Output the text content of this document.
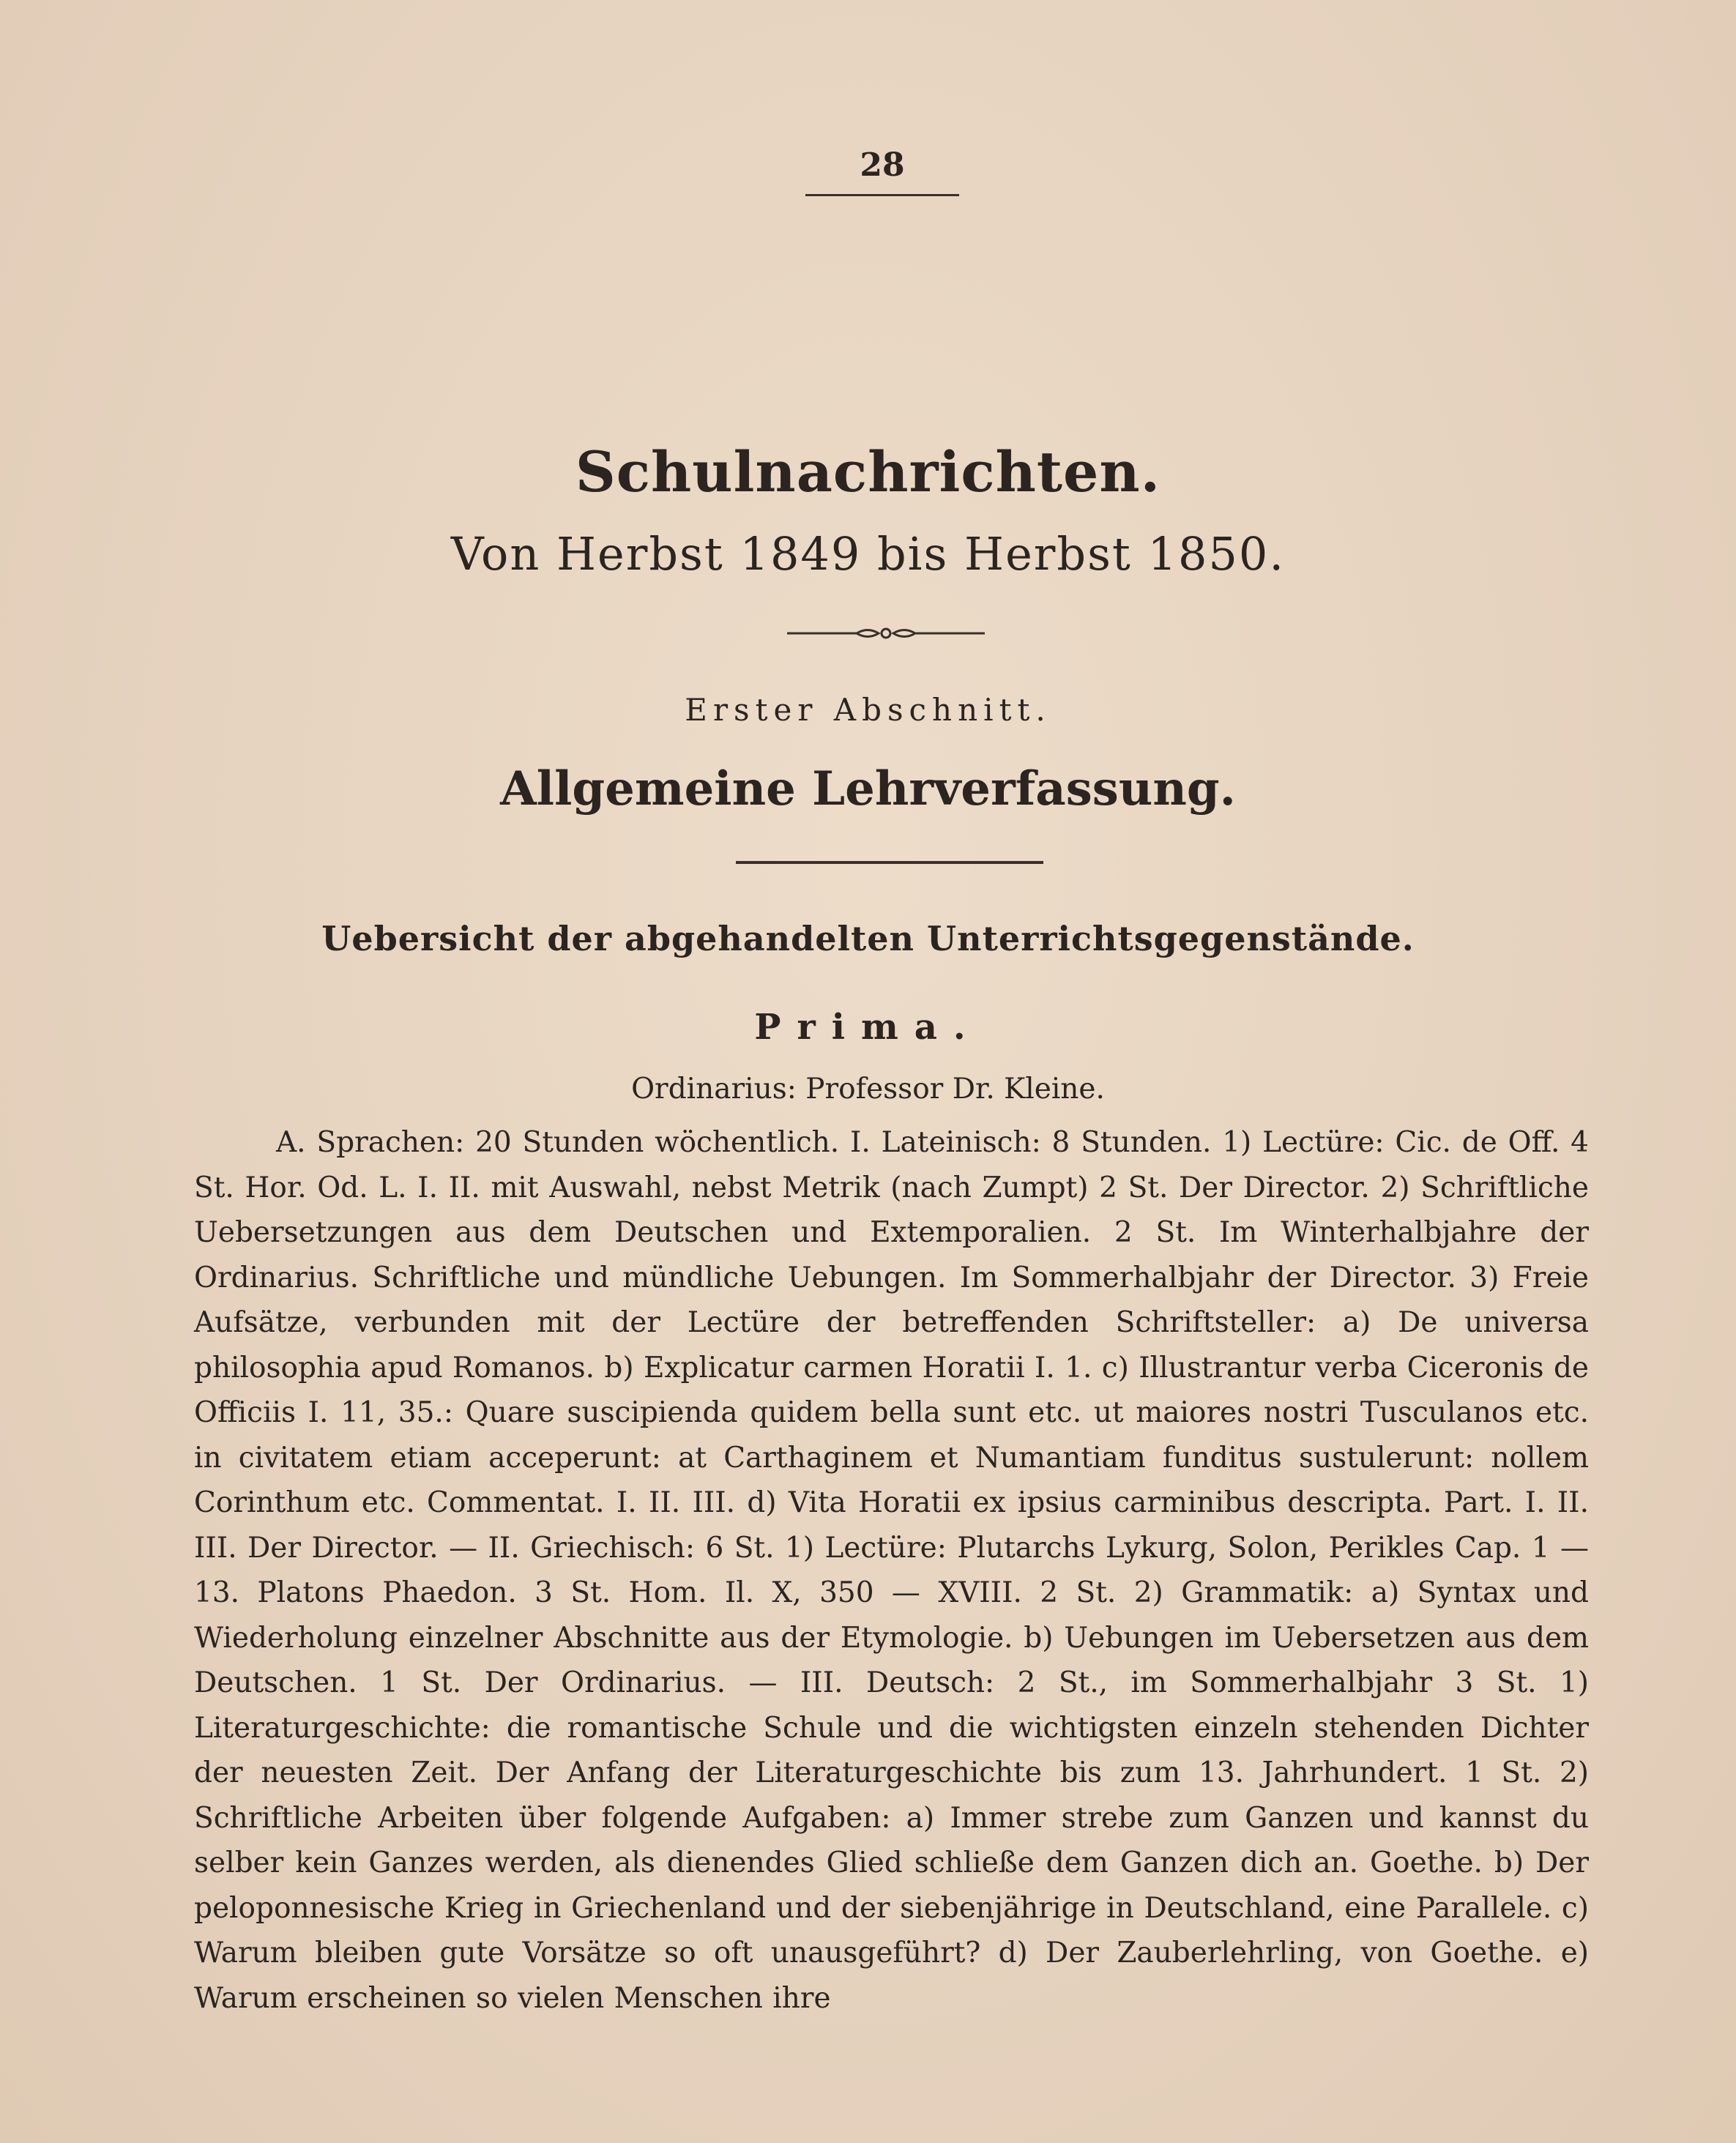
28
Schulnachrichten.
Von Herbst 1849 bis Herbst 1850.
Erster Abschnitt.
Allgemeine Lehrverfassung.
Uebersicht der abgehandelten Unterrichtsgegenstände.
Prima.
Ordinarius: Professor Dr. Kleine.
A. Sprachen: 20 Stunden wöchentlich. I. Lateinisch: 8 Stunden. 1) Lectüre: Cic. de Off. 4 St. Hor. Od. L. I. II. mit Auswahl, nebst Metrik (nach Zumpt) 2 St. Der Director. 2) Schriftliche Uebersetzungen aus dem Deutschen und Extemporalien. 2 St. Im Winterhalbjahre der Ordinarius. Schriftliche und mündliche Uebungen. Im Sommerhalbjahr der Director. 3) Freie Aufsätze, verbunden mit der Lectüre der betreffenden Schriftsteller: a) De universa philosophia apud Romanos. b) Explicatur carmen Horatii I. 1. c) Illustrantur verba Ciceronis de Officiis I. 11, 35.: Quare suscipienda quidem bella sunt etc. ut maiores nostri Tusculanos etc. in civitatem etiam acceperunt: at Carthaginem et Numantiam funditus sustulerunt: nollem Corinthum etc. Commentat. I. II. III. d) Vita Horatii ex ipsius carminibus descripta. Part. I. II. III. Der Director. — II. Griechisch: 6 St. 1) Lectüre: Plutarchs Lykurg, Solon, Perikles Cap. 1 — 13. Platons Phaedon. 3 St. Hom. Il. X, 350 — XVIII. 2 St. 2) Grammatik: a) Syntax und Wiederholung einzelner Abschnitte aus der Etymologie. b) Uebungen im Uebersetzen aus dem Deutschen. 1 St. Der Ordinarius. — III. Deutsch: 2 St., im Sommerhalbjahr 3 St. 1) Literaturgeschichte: die romantische Schule und die wichtigsten einzeln stehenden Dichter der neuesten Zeit. Der Anfang der Literaturgeschichte bis zum 13. Jahrhundert. 1 St. 2) Schriftliche Arbeiten über folgende Aufgaben: a) Immer strebe zum Ganzen und kannst du selber kein Ganzes werden, als dienendes Glied schließe dem Ganzen dich an. Goethe. b) Der peloponnesische Krieg in Griechenland und der siebenjährige in Deutschland, eine Parallele. c) Warum bleiben gute Vorsätze so oft unausgeführt? d) Der Zauberlehrling, von Goethe. e) Warum erscheinen so vielen Menschen ihre
